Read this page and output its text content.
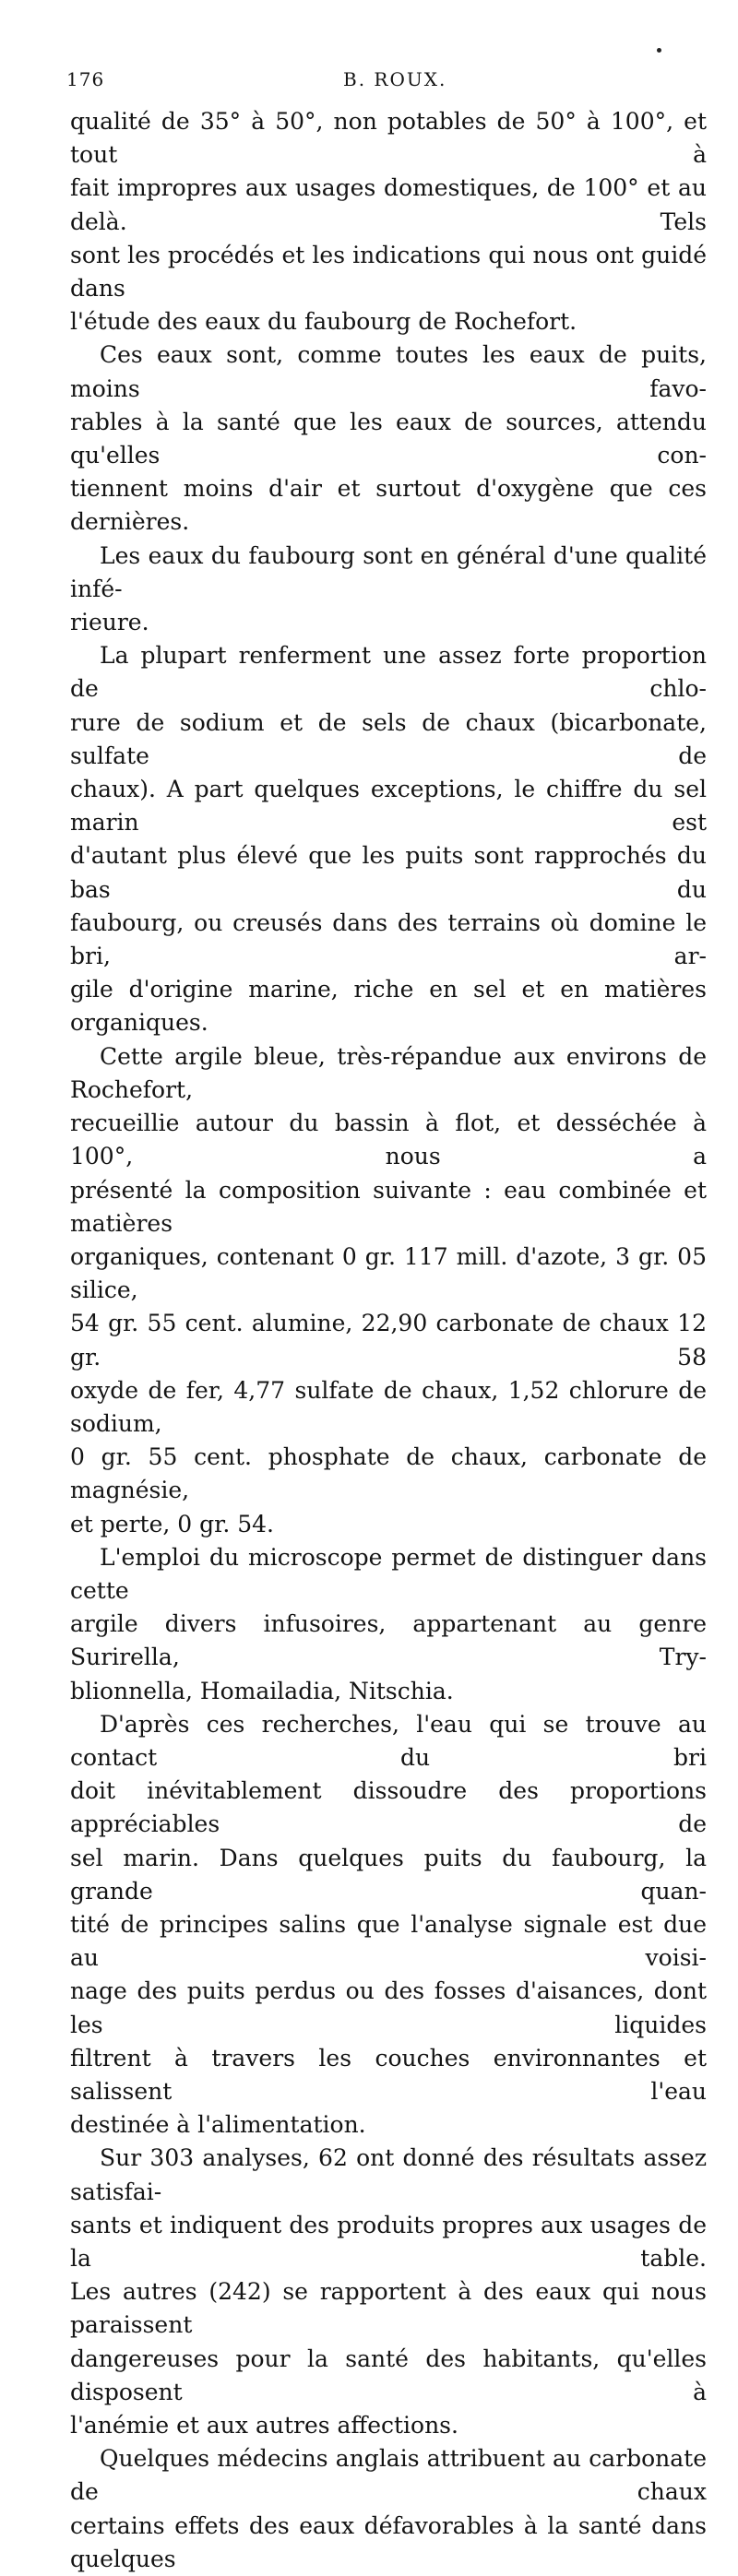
176	B. ROUX.

qualité de 35° à 50°, non potables de 50° à 100°, et tout à

fait impropres aux usages domestiques, de 100° et au delà. Tels

sont les procédés et les indications qui nous ont guidé dans

l'étude des eaux du faubourg de Rochefort.

Ces eaux sont, comme toutes les eaux de puits, moins favo-

rables à la santé que les eaux de sources, attendu qu'elles con-

tiennent moins d'air et surtout d'oxygène que ces dernières.

Les eaux du faubourg sont en général d'une qualité infé-

rieure.

La plupart renferment une assez forte proportion de chlo-

rure de sodium et de sels de chaux (bicarbonate, sulfate de

chaux). A part quelques exceptions, le chiffre du sel marin est

d'autant plus élevé que les puits sont rapprochés du bas du

faubourg, ou creusés dans des terrains où domine le bri, ar-

gile d'origine marine, riche en sel et en matières organiques.

Cette argile bleue, très-répandue aux environs de Rochefort,

recueillie autour du bassin à flot, et desséchée à 100°, nous a

présenté la composition suivante : eau combinée et matières

organiques, contenant 0 gr. 117 mill. d'azote, 3 gr. 05 silice,

54 gr. 55 cent. alumine, 22,90 carbonate de chaux 12 gr. 58

oxyde de fer, 4,77 sulfate de chaux, 1,52 chlorure de sodium,

0 gr. 55 cent. phosphate de chaux, carbonate de magnésie,

et perte, 0 gr. 54.

L'emploi du microscope permet de distinguer dans cette

argile divers infusoires, appartenant au genre Surirella, Try-

blionnella, Homailadia, Nitschia.

D'après ces recherches, l'eau qui se trouve au contact du bri

doit inévitablement dissoudre des proportions appréciables de

sel marin. Dans quelques puits du faubourg, la grande quan-

tité de principes salins que l'analyse signale est due au voisi-

nage des puits perdus ou des fosses d'aisances, dont les liquides

filtrent à travers les couches environnantes et salissent l'eau

destinée à l'alimentation.

Sur 303 analyses, 62 ont donné des résultats assez satisfai-

sants et indiquent des produits propres aux usages de la table.

Les autres (242) se rapportent à des eaux qui nous paraissent

dangereuses pour la santé des habitants, qu'elles disposent à

l'anémie et aux autres affections.

Quelques médecins anglais attribuent au carbonate de chaux

certains effets des eaux défavorables à la santé dans quelques
